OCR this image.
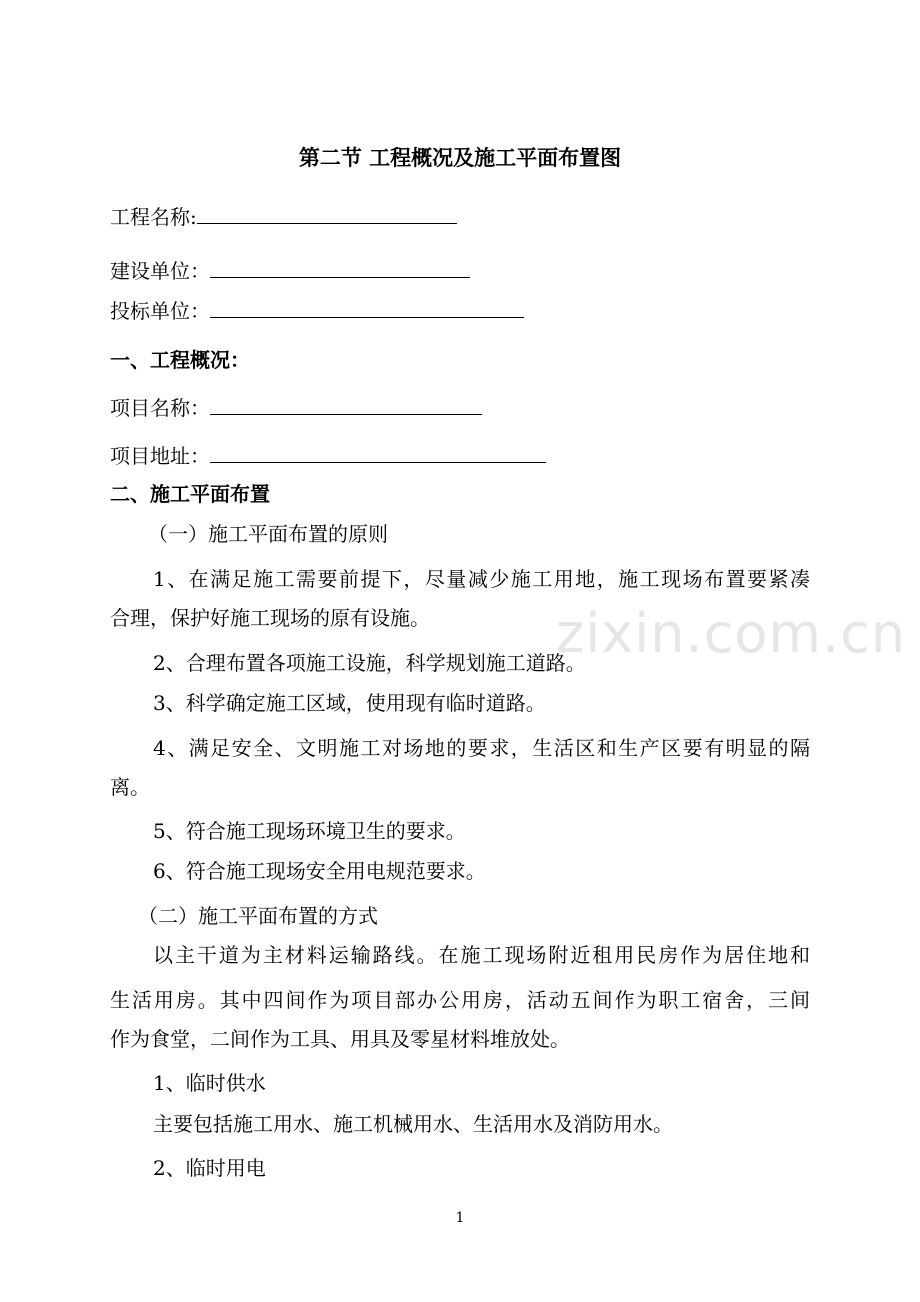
第二节 工程概况及施工平面布置图
工程名称:
建设单位：
投标单位：
一、工程概况：
项目名称：
项目地址：
二、施工平面布置
（一）施工平面布置的原则
1、在满足施工需要前提下，尽量减少施工用地，施工现场布置要紧凑
合理，保护好施工现场的原有设施。
2、合理布置各项施工设施，科学规划施工道路。
3、科学确定施工区域，使用现有临时道路。
4、满足安全、文明施工对场地的要求，生活区和生产区要有明显的隔
离。
5、符合施工现场环境卫生的要求。
6、符合施工现场安全用电规范要求。
（二）施工平面布置的方式
以主干道为主材料运输路线。在施工现场附近租用民房作为居住地和
生活用房。其中四间作为项目部办公用房，活动五间作为职工宿舍，三间
作为食堂，二间作为工具、用具及零星材料堆放处。
1、临时供水
主要包括施工用水、施工机械用水、生活用水及消防用水。
2、临时用电
zixin.com.cn
1
